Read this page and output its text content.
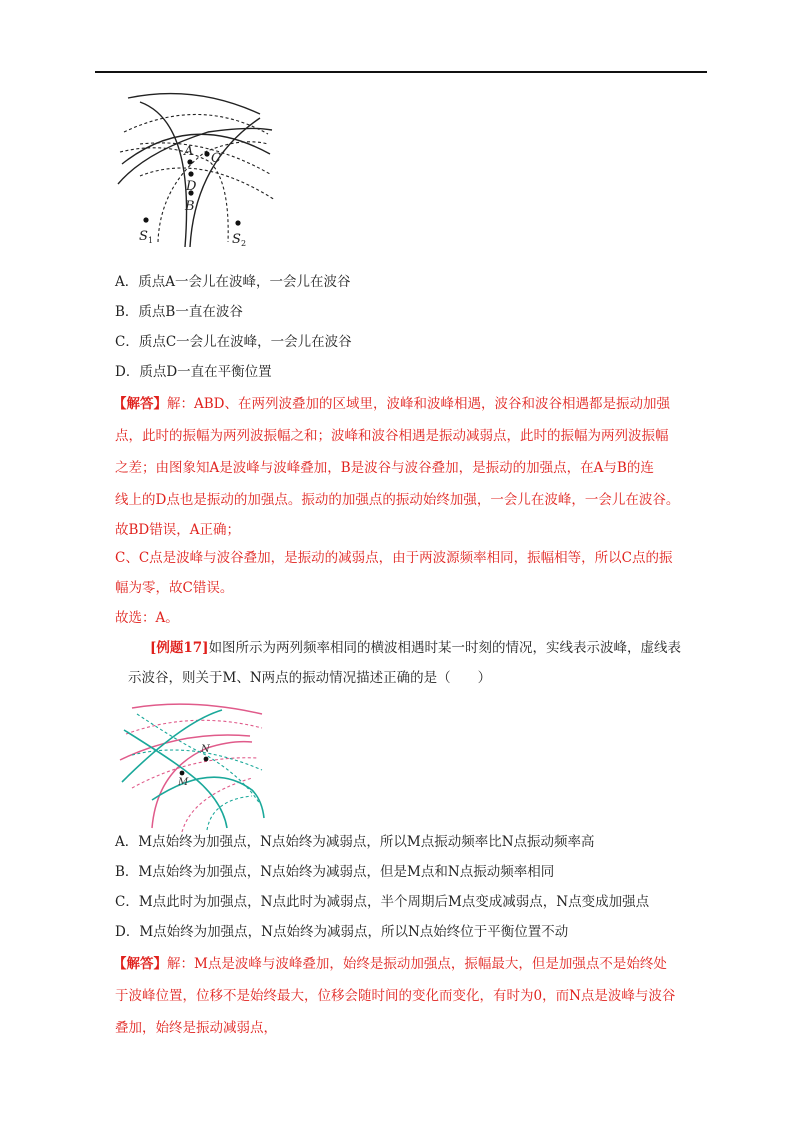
A C
D
B
S 1	S 2
A．质点A一会儿在波峰，一会儿在波谷
B．质点B一直在波谷
C．质点C一会儿在波峰，一会儿在波谷
D．质点D一直在平衡位置
【解答】解：ABD、在两列波叠加的区域里，波峰和波峰相遇，波谷和波谷相遇都是振动加强
点，此时的振幅为两列波振幅之和；波峰和波谷相遇是振动减弱点，此时的振幅为两列波振幅
之差；由图象知A是波峰与波峰叠加，B是波谷与波谷叠加，是振动的加强点，在A与B的连
线上的D点也是振动的加强点。振动的加强点的振动始终加强，一会儿在波峰，一会儿在波谷。
故BD错误，A正确；
C、C点是波峰与波谷叠加，是振动的减弱点，由于两波源频率相同，振幅相等，所以C点的振
幅为零，故C错误。
故选：A。
[例题17]如图所示为两列频率相同的横波相遇时某一时刻的情况，实线表示波峰，虚线表
示波谷，则关于M、N两点的振动情况描述正确的是（　　）
N
M
A．M点始终为加强点，N点始终为减弱点，所以M点振动频率比N点振动频率高
B．M点始终为加强点，N点始终为减弱点，但是M点和N点振动频率相同
C．M点此时为加强点，N点此时为减弱点，半个周期后M点变成减弱点，N点变成加强点
D．M点始终为加强点，N点始终为减弱点，所以N点始终位于平衡位置不动
【解答】解：M点是波峰与波峰叠加，始终是振动加强点，振幅最大，但是加强点不是始终处
于波峰位置，位移不是始终最大，位移会随时间的变化而变化，有时为0，而N点是波峰与波谷
叠加，始终是振动减弱点，
